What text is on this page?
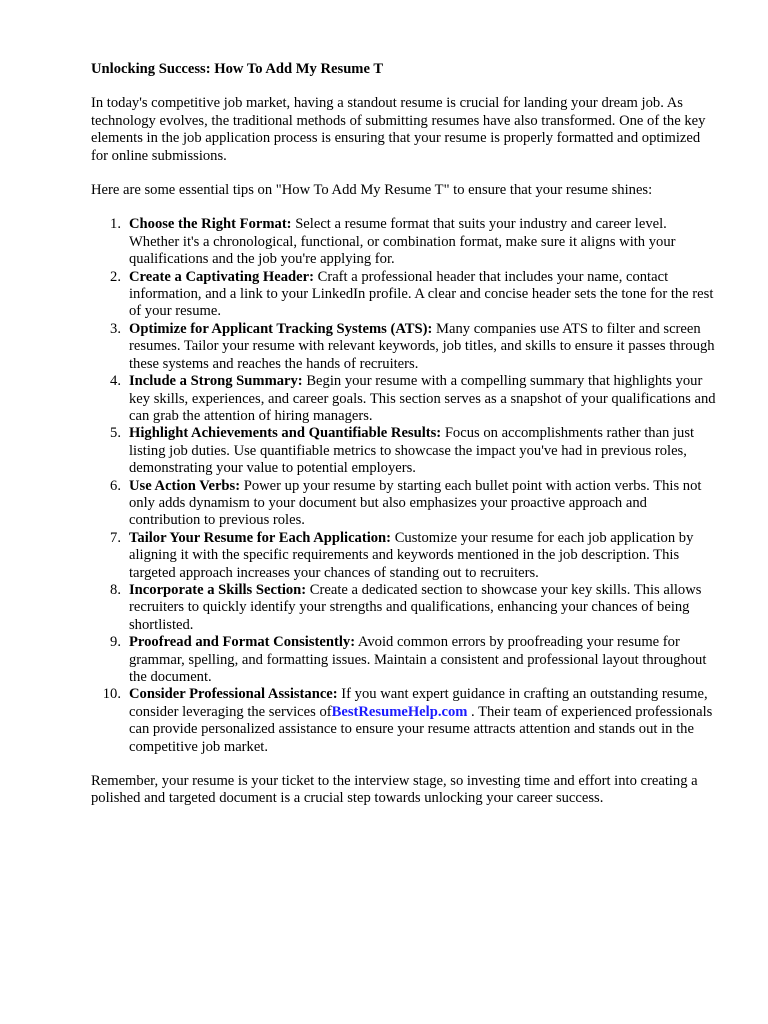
Unlocking Success: How To Add My Resume T

In today's competitive job market, having a standout resume is crucial for landing your dream job. As technology evolves, the traditional methods of submitting resumes have also transformed. One of the key elements in the job application process is ensuring that your resume is properly formatted and optimized for online submissions.

Here are some essential tips on "How To Add My Resume T" to ensure that your resume shines:

1. Choose the Right Format: Select a resume format that suits your industry and career level. Whether it's a chronological, functional, or combination format, make sure it aligns with your qualifications and the job you're applying for.
2. Create a Captivating Header: Craft a professional header that includes your name, contact information, and a link to your LinkedIn profile. A clear and concise header sets the tone for the rest of your resume.
3. Optimize for Applicant Tracking Systems (ATS): Many companies use ATS to filter and screen resumes. Tailor your resume with relevant keywords, job titles, and skills to ensure it passes through these systems and reaches the hands of recruiters.
4. Include a Strong Summary: Begin your resume with a compelling summary that highlights your key skills, experiences, and career goals. This section serves as a snapshot of your qualifications and can grab the attention of hiring managers.
5. Highlight Achievements and Quantifiable Results: Focus on accomplishments rather than just listing job duties. Use quantifiable metrics to showcase the impact you've had in previous roles, demonstrating your value to potential employers.
6. Use Action Verbs: Power up your resume by starting each bullet point with action verbs. This not only adds dynamism to your document but also emphasizes your proactive approach and contribution to previous roles.
7. Tailor Your Resume for Each Application: Customize your resume for each job application by aligning it with the specific requirements and keywords mentioned in the job description. This targeted approach increases your chances of standing out to recruiters.
8. Incorporate a Skills Section: Create a dedicated section to showcase your key skills. This allows recruiters to quickly identify your strengths and qualifications, enhancing your chances of being shortlisted.
9. Proofread and Format Consistently: Avoid common errors by proofreading your resume for grammar, spelling, and formatting issues. Maintain a consistent and professional layout throughout the document.
10. Consider Professional Assistance: If you want expert guidance in crafting an outstanding resume, consider leveraging the services ofBestResumeHelp.com . Their team of experienced professionals can provide personalized assistance to ensure your resume attracts attention and stands out in the competitive job market.

Remember, your resume is your ticket to the interview stage, so investing time and effort into creating a polished and targeted document is a crucial step towards unlocking your career success.
